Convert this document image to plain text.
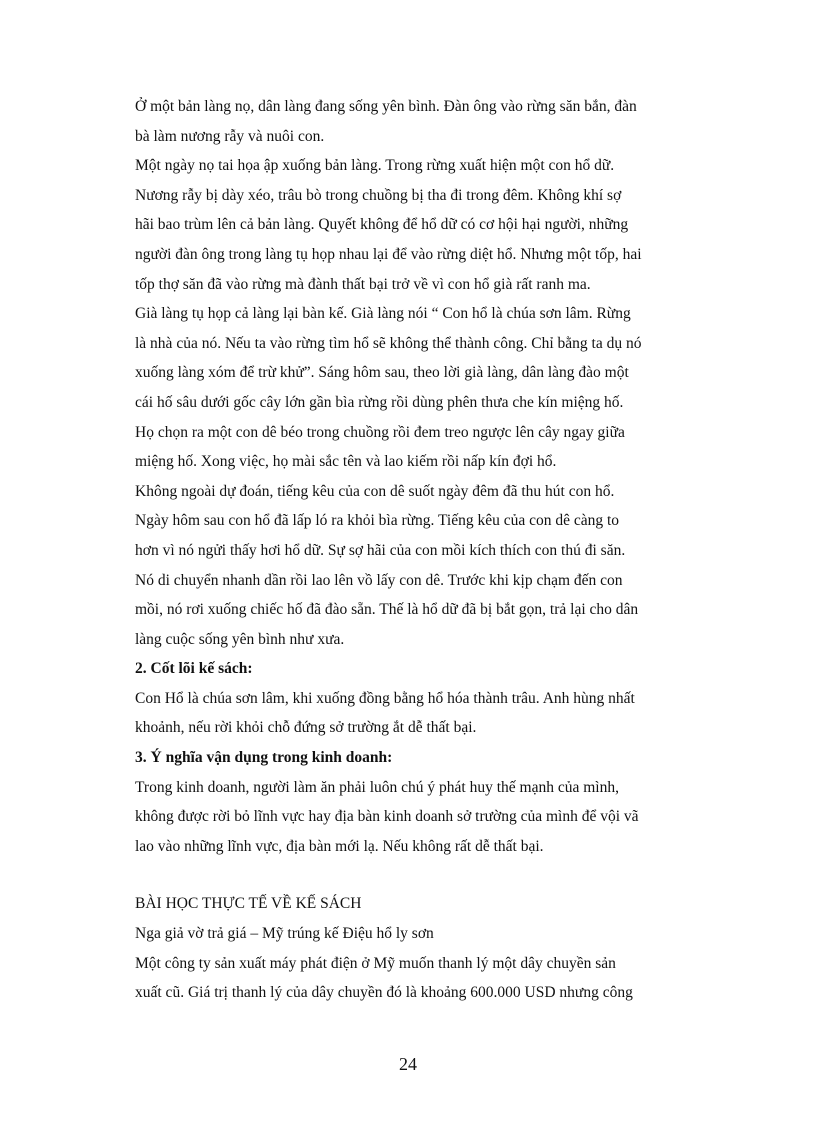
Ở một bản làng nọ, dân làng đang sống yên bình. Đàn ông vào rừng săn bắn, đàn
bà làm nương rẫy và nuôi con.
Một ngày nọ tai họa ập xuống bản làng. Trong rừng xuất hiện một con hổ dữ.
Nương rẫy bị dày xéo, trâu bò trong chuồng bị tha đi trong đêm. Không khí sợ
hãi bao trùm lên cả bản làng. Quyết không để hổ dữ có cơ hội hại người, những
người đàn ông trong làng tụ họp nhau lại để vào rừng diệt hổ. Nhưng một tốp, hai
tốp thợ săn đã vào rừng mà đành thất bại trở về vì con hổ già rất ranh ma.
Già làng tụ họp cả làng lại bàn kế. Già làng nói “ Con hổ là chúa sơn lâm. Rừng
là nhà của nó. Nếu ta vào rừng tìm hổ sẽ không thể thành công. Chỉ bằng ta dụ nó
xuống làng xóm để trừ khử”. Sáng hôm sau, theo lời già làng, dân làng đào một
cái hố sâu dưới gốc cây lớn gần bìa rừng rồi dùng phên thưa che kín miệng hố.
Họ chọn ra một con dê béo trong chuồng rồi đem treo ngược lên cây ngay giữa
miệng hố. Xong việc, họ mài sắc tên và lao kiếm rồi nấp kín đợi hổ.
Không ngoài dự đoán, tiếng kêu của con dê suốt ngày đêm đã thu hút con hổ.
Ngày hôm sau con hổ đã lấp ló ra khỏi bìa rừng. Tiếng kêu của con dê càng to
hơn vì nó ngửi thấy hơi hổ dữ. Sự sợ hãi của con mồi kích thích con thú đi săn.
Nó di chuyển nhanh dần rồi lao lên vồ lấy con dê. Trước khi kịp chạm đến con
mồi, nó rơi xuống chiếc hố đã đào sẵn. Thế là hổ dữ đã bị bắt gọn, trả lại cho dân
làng cuộc sống yên bình như xưa.
2. Cốt lõi kế sách:
Con Hổ là chúa sơn lâm, khi xuống đồng bằng hổ hóa thành trâu. Anh hùng nhất
khoảnh, nếu rời khỏi chỗ đứng sở trường ắt dễ thất bại.
3. Ý nghĩa vận dụng trong kinh doanh:
Trong kinh doanh, người làm ăn phải luôn chú ý phát huy thế mạnh của mình,
không được rời bỏ lĩnh vực hay địa bàn kinh doanh sở trường của mình để vội vã
lao vào những lĩnh vực, địa bàn mới lạ. Nếu không rất dễ thất bại.
BÀI HỌC THỰC TẾ VỀ KẾ SÁCH
Nga giả vờ trả giá – Mỹ trúng kế Điệu hổ ly sơn
Một công ty sản xuất máy phát điện ở Mỹ muốn thanh lý một dây chuyền sản
xuất cũ. Giá trị thanh lý của dây chuyền đó là khoảng 600.000 USD nhưng công
24
